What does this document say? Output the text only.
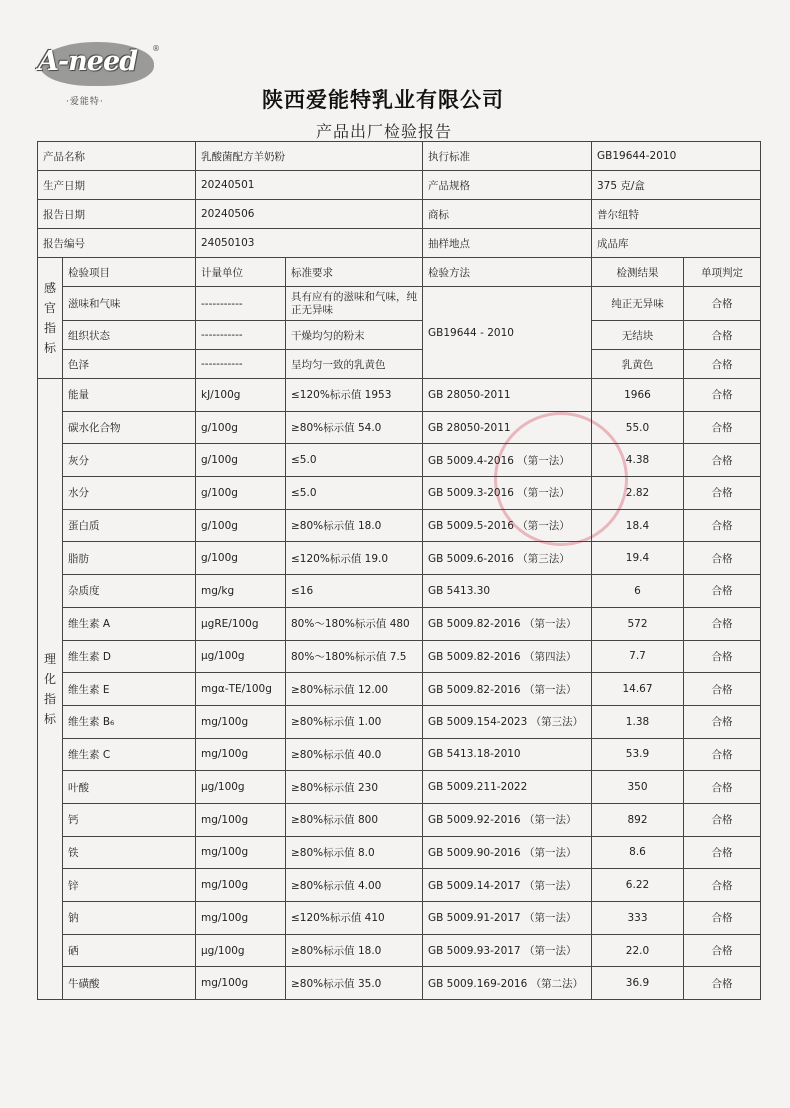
A-need	®
·爱能特·	陕西爱能特乳业有限公司
产品出厂检验报告
产品名称		乳酸菌配方羊奶粉		执行标准	GB19644-2010	
生产日期		20240501		产品规格	375 克/盒	
报告日期		20240506		商标	普尔纽特	
报告编号		24050103		抽样地点	成品库	
感
官
指
标	检验项目	计量单位	标准要求	检验方法	检测结果	单项判定
	滋味和气味	-----------	具有应有的滋味和气味，纯正无异味	GB19644 - 2010	纯正无异味	合格
	组织状态	-----------	干燥均匀的粉末		无结块	合格
	色泽	-----------	呈均匀一致的乳黄色		乳黄色	合格
理
化
指
标	能量	kJ/100g	≤120%标示值 1953	GB 28050-2011	1966	合格
	碳水化合物	g/100g	≥80%标示值 54.0	GB 28050-2011	55.0	合格
	灰分	g/100g	≤5.0	GB 5009.4-2016 （第一法）	4.38	合格
	水分	g/100g	≤5.0	GB 5009.3-2016 （第一法）	2.82	合格
	蛋白质	g/100g	≥80%标示值 18.0	GB 5009.5-2016 （第一法）	18.4	合格
	脂肪	g/100g	≤120%标示值 19.0	GB 5009.6-2016 （第三法）	19.4	合格
	杂质度	mg/kg	≤16	GB 5413.30	6	合格
	维生素 A	μgRE/100g	80%～180%标示值 480	GB 5009.82-2016 （第一法）	572	合格
	维生素 D	μg/100g	80%～180%标示值 7.5	GB 5009.82-2016 （第四法）	7.7	合格
	维生素 E	mgα-TE/100g	≥80%标示值 12.00	GB 5009.82-2016 （第一法）	14.67	合格
	维生素 B₆	mg/100g	≥80%标示值 1.00	GB 5009.154-2023 （第三法）	1.38	合格
	维生素 C	mg/100g	≥80%标示值 40.0	GB 5413.18-2010	53.9	合格
	叶酸	μg/100g	≥80%标示值 230	GB 5009.211-2022	350	合格
	钙	mg/100g	≥80%标示值 800	GB 5009.92-2016 （第一法）	892	合格
	铁	mg/100g	≥80%标示值 8.0	GB 5009.90-2016 （第一法）	8.6	合格
	锌	mg/100g	≥80%标示值 4.00	GB 5009.14-2017 （第一法）	6.22	合格
	钠	mg/100g	≤120%标示值 410	GB 5009.91-2017 （第一法）	333	合格
	硒	μg/100g	≥80%标示值 18.0	GB 5009.93-2017 （第一法）	22.0	合格
	牛磺酸	mg/100g	≥80%标示值 35.0	GB 5009.169-2016 （第二法）	36.9	合格
